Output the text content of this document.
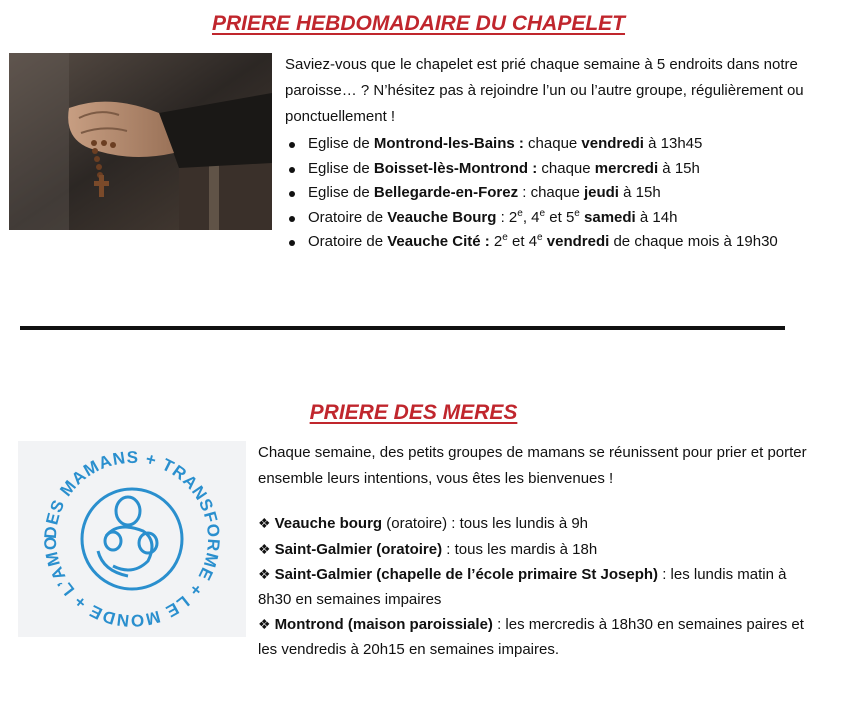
PRIERE HEBDOMADAIRE DU CHAPELET
Saviez-vous que le chapelet est prié chaque semaine à 5 endroits dans notre paroisse… ? N’hésitez pas à rejoindre l’un ou l’autre groupe, régulièrement ou ponctuellement !
Eglise de Montrond-les-Bains : chaque vendredi à 13h45
Eglise de Boisset-lès-Montrond : chaque mercredi à 15h
Eglise de Bellegarde-en-Forez : chaque jeudi à 15h
Oratoire de Veauche Bourg : 2e, 4e et 5e samedi à 14h
Oratoire de Veauche Cité : 2e et 4e vendredi de chaque mois à 19h30
PRIERE DES MERES
DES MAMANS + TRANSFORME + LE MONDE + L’AMO
Chaque semaine, des petits groupes de mamans se réunissent pour prier et porter ensemble leurs intentions, vous êtes les bienvenues !
❖ Veauche bourg (oratoire) : tous les lundis à 9h
❖ Saint-Galmier (oratoire) : tous les mardis à 18h
❖ Saint-Galmier (chapelle de l’école primaire St Joseph) : les lundis matin à 8h30 en semaines impaires
❖ Montrond (maison paroissiale) : les mercredis à 18h30 en semaines paires et les vendredis à 20h15 en semaines impaires.
